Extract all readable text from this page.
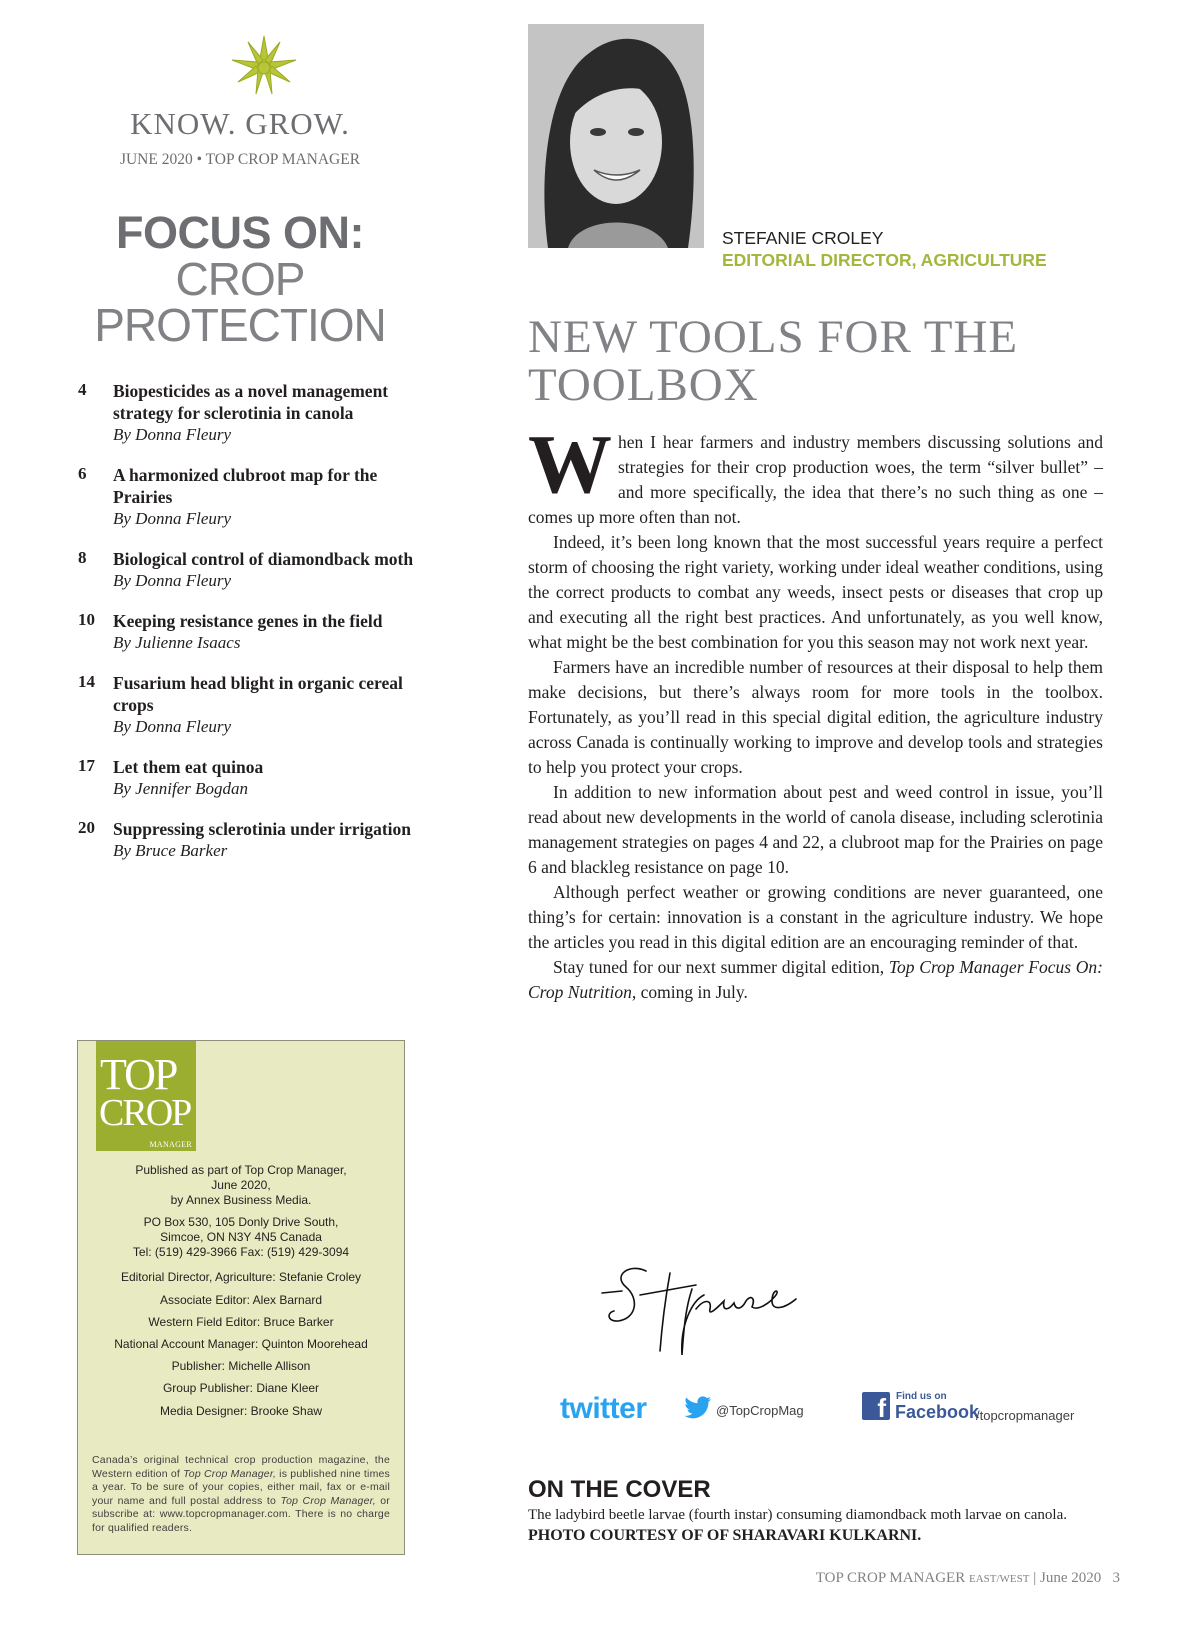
KNOW. GROW.
JUNE 2020 • TOP CROP MANAGER
FOCUS ON:
CROP
PROTECTION
4 Biopesticides as a novel management strategy for sclerotinia in canola
By Donna Fleury
6 A harmonized clubroot map for the Prairies
By Donna Fleury
8 Biological control of diamondback moth
By Donna Fleury
10 Keeping resistance genes in the field
By Julienne Isaacs
14 Fusarium head blight in organic cereal crops
By Donna Fleury
17 Let them eat quinoa
By Jennifer Bogdan
20 Suppressing sclerotinia under irrigation
By Bruce Barker
TOP
CROP
MANAGER
Published as part of Top Crop Manager,
June 2020,
by Annex Business Media.
PO Box 530, 105 Donly Drive South,
Simcoe, ON N3Y 4N5 Canada
Tel: (519) 429-3966 Fax: (519) 429-3094
Editorial Director, Agriculture: Stefanie Croley
Associate Editor: Alex Barnard
Western Field Editor: Bruce Barker
National Account Manager: Quinton Moorehead
Publisher: Michelle Allison
Group Publisher: Diane Kleer
Media Designer: Brooke Shaw
Canada’s original technical crop production magazine, the Western edition of Top Crop Manager, is published nine times a year. To be sure of your copies, either mail, fax or e-mail your name and full postal address to Top Crop Manager, or subscribe at: www.topcropmanager.com. There is no charge for qualified readers.
STEFANIE CROLEY
EDITORIAL DIRECTOR, AGRICULTURE
NEW TOOLS FOR THE
TOOLBOX

When I hear farmers and industry members discussing solutions and strategies for their crop production woes, the term “silver bullet” – and more specifically, the idea that there’s no such thing as one – comes up more often than not.

Indeed, it’s been long known that the most successful years require a perfect storm of choosing the right variety, working under ideal weather conditions, using the correct products to combat any weeds, insect pests or diseases that crop up and executing all the right best practices. And unfortunately, as you well know, what might be the best combination for you this season may not work next year.

Farmers have an incredible number of resources at their disposal to help them make decisions, but there’s always room for more tools in the toolbox. Fortunately, as you’ll read in this special digital edition, the agriculture industry across Canada is continually working to improve and develop tools and strategies to help you protect your crops.

In addition to new information about pest and weed control in issue, you’ll read about new developments in the world of canola disease, including sclerotinia management strategies on pages 4 and 22, a clubroot map for the Prairies on page 6 and blackleg resistance on page 10.

Although perfect weather or growing conditions are never guaranteed, one thing’s for certain: innovation is a constant in the agriculture industry. We hope the articles you read in this digital edition are an encouraging reminder of that.

Stay tuned for our next summer digital edition, Top Crop Manager Focus On: Crop Nutrition, coming in July.

twitter	@TopCropMag	f	Find us on
Facebook
/topcropmanager
ON THE COVER
The ladybird beetle larvae (fourth instar) consuming diamondback moth larvae on canola.
PHOTO COURTESY OF OF SHARAVARI KULKARNI.
TOP CROP MANAGER EAST/WEST | June 2020 3
